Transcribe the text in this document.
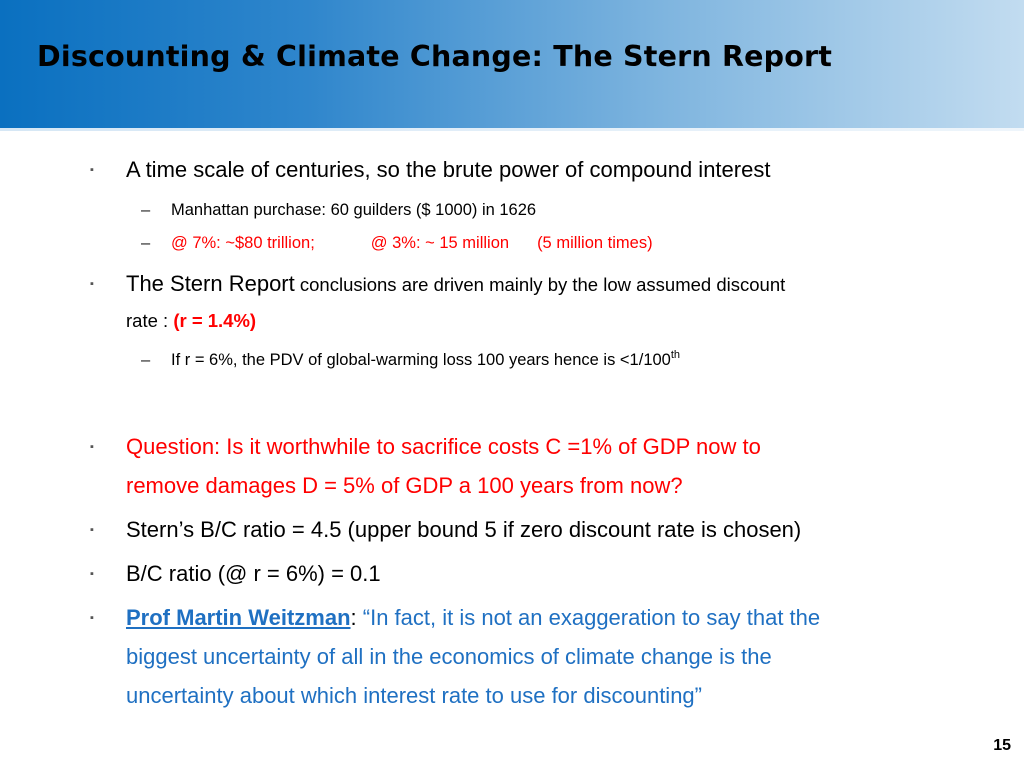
Discounting & Climate Change: The Stern Report
▪ A time scale of centuries, so the brute power of compound interest
– Manhattan purchase: 60 guilders ($ 1000) in 1626
– @ 7%: ~$80 trillion;	@ 3%: ~ 15 million (5 million times)
▪ The Stern Report conclusions are driven mainly by the low assumed discount
rate : (r = 1.4%)
– If r = 6%, the PDV of global-warming loss 100 years hence is <1/100th
▪ Question: Is it worthwhile to sacrifice costs C =1% of GDP now to
remove damages D = 5% of GDP a 100 years from now?
▪ Stern’s B/C ratio = 4.5 (upper bound 5 if zero discount rate is chosen)
▪ B/C ratio (@ r = 6%) = 0.1
▪ Prof Martin Weitzman: “In fact, it is not an exaggeration to say that the
biggest uncertainty of all in the economics of climate change is the
uncertainty about which interest rate to use for discounting”
15
